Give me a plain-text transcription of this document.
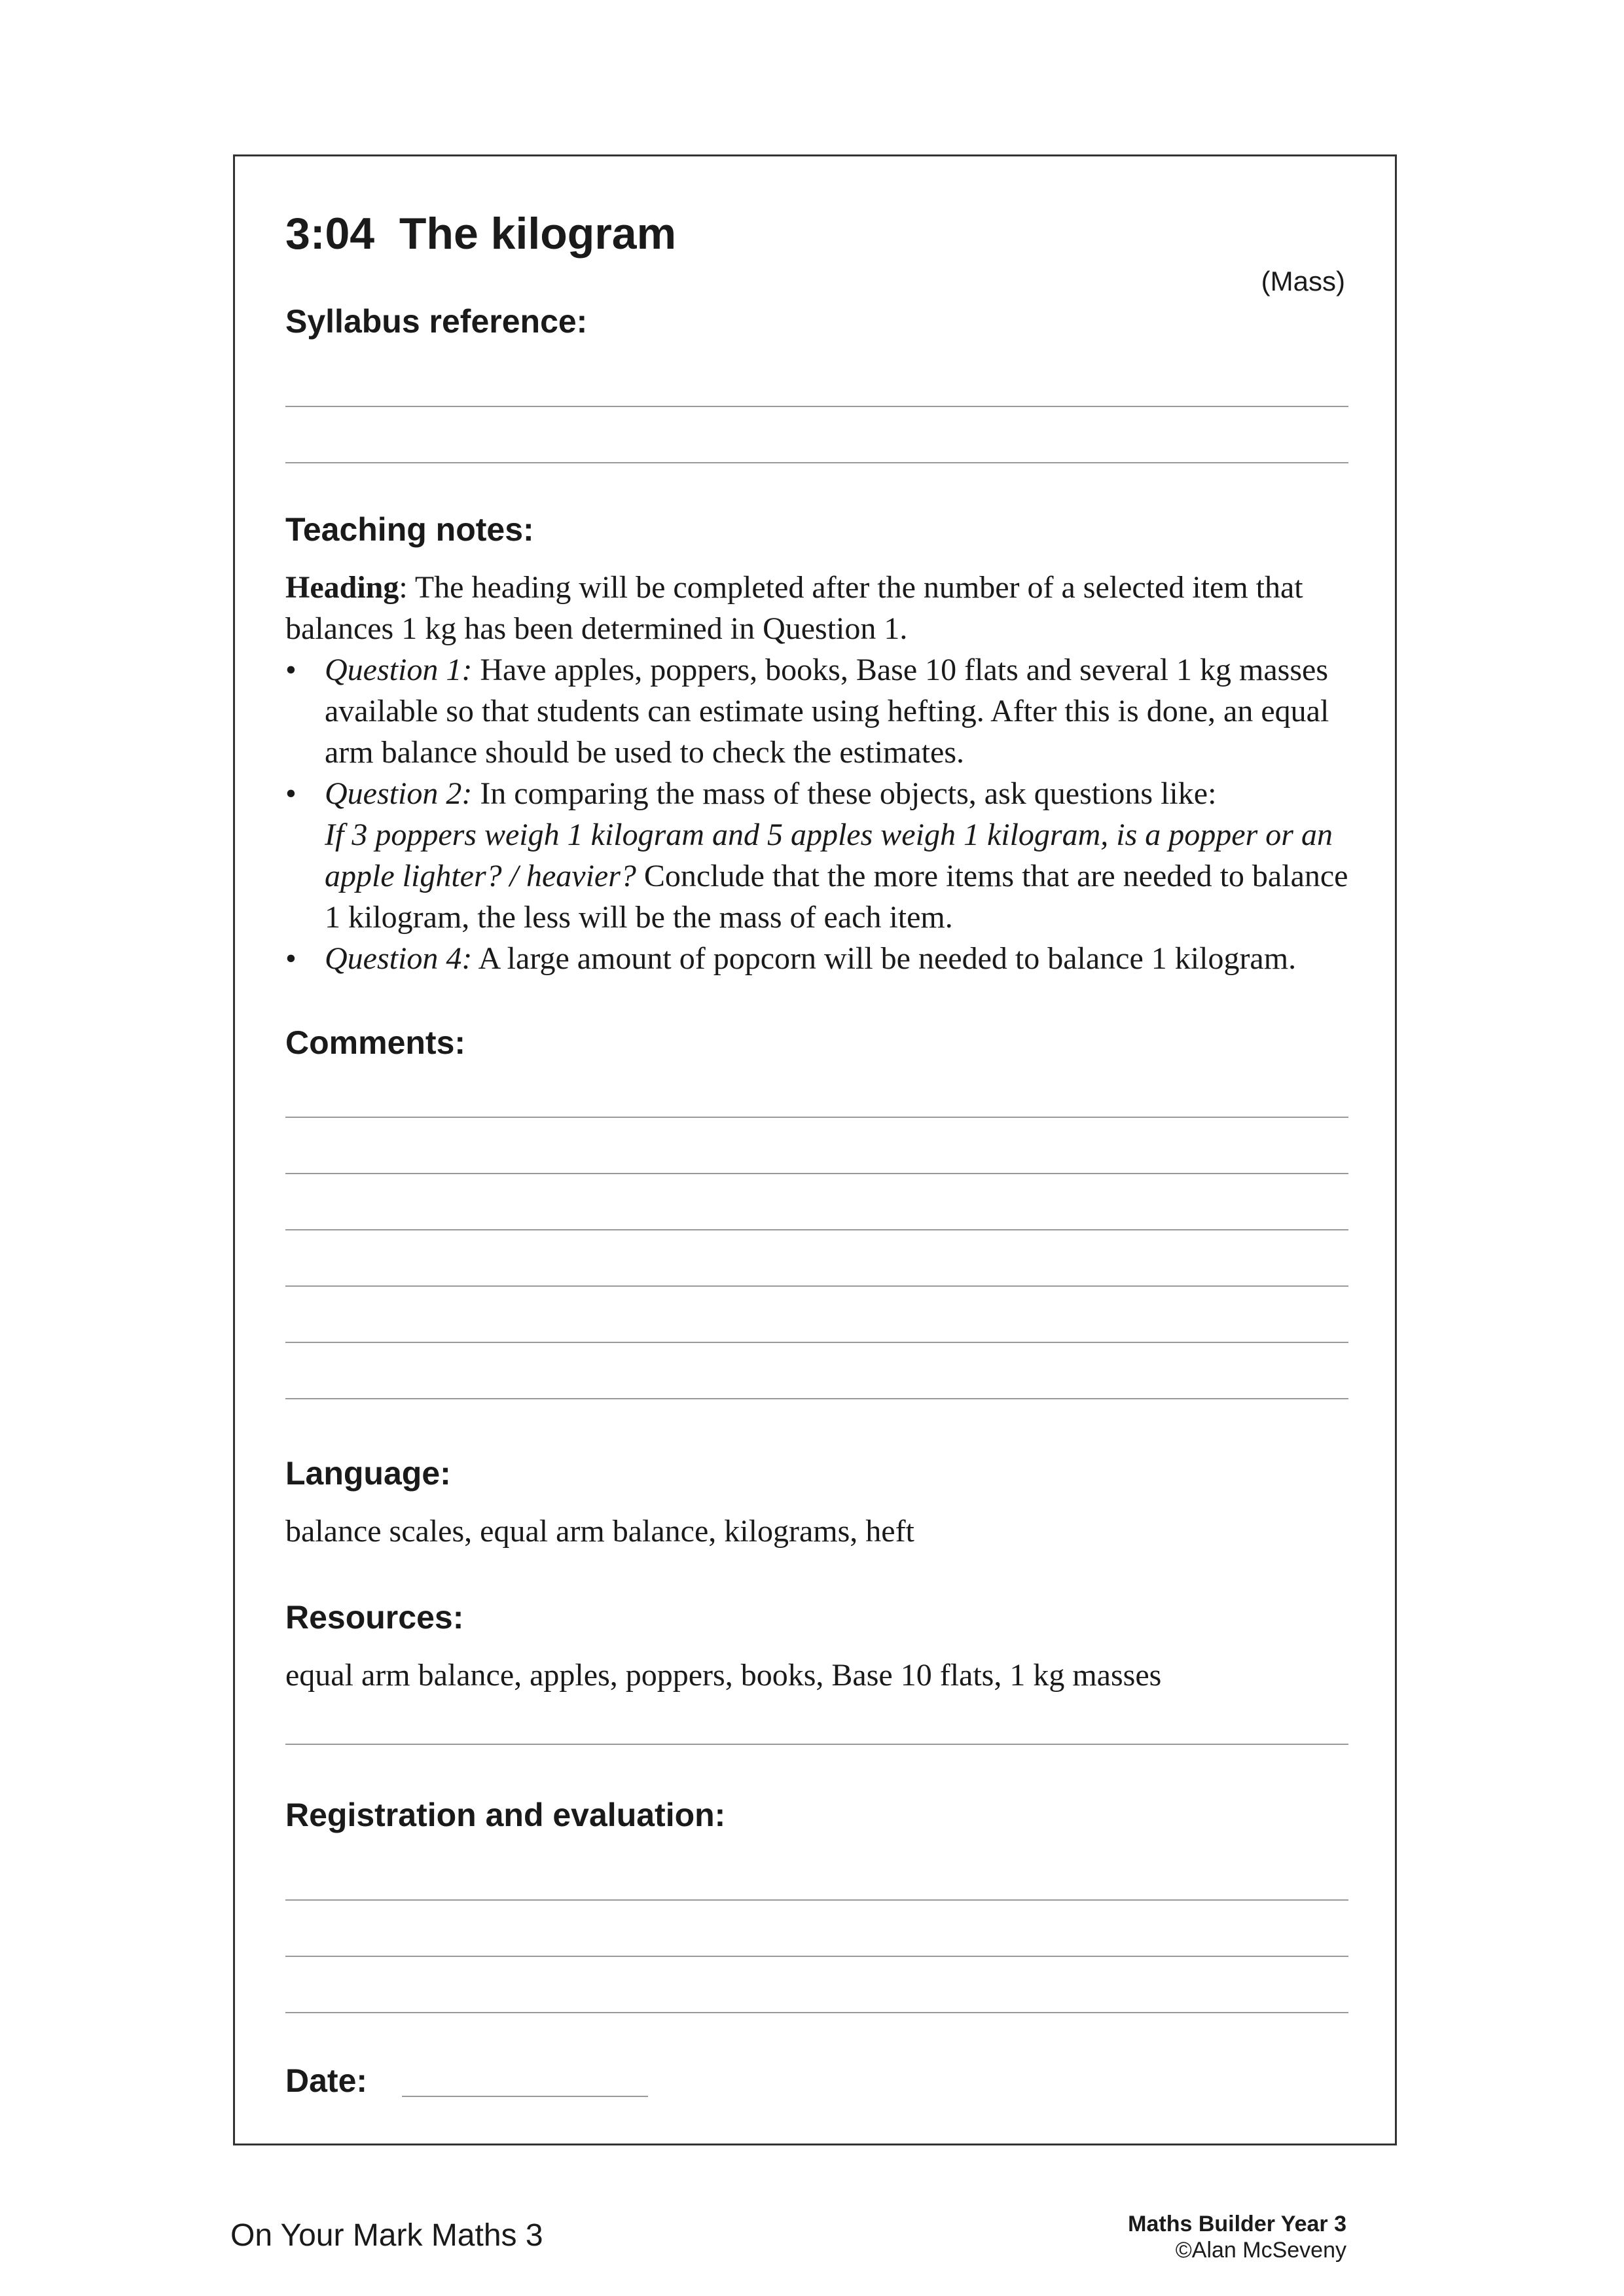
3:04  The kilogram
(Mass)
Syllabus reference:
Teaching notes:

Heading: The heading will be completed after the number of a selected item that balances 1 kg has been determined in Question 1.

• Question 1: Have apples, poppers, books, Base 10 flats and several 1 kg masses available so that students can estimate using hefting. After this is done, an equal arm balance should be used to check the estimates.
• Question 2: In comparing the mass of these objects, ask questions like:
If 3 poppers weigh 1 kilogram and 5 apples weigh 1 kilogram, is a popper or an apple lighter? / heavier? Conclude that the more items that are needed to balance 1 kilogram, the less will be the mass of each item.
• Question 4: A large amount of popcorn will be needed to balance 1 kilogram.
Comments:
Language:
balance scales, equal arm balance, kilograms, heft
Resources:
equal arm balance, apples, poppers, books, Base 10 flats, 1 kg masses
Registration and evaluation:
Date:
On Your Mark Maths 3	Maths Builder Year 3
©Alan McSeveny
